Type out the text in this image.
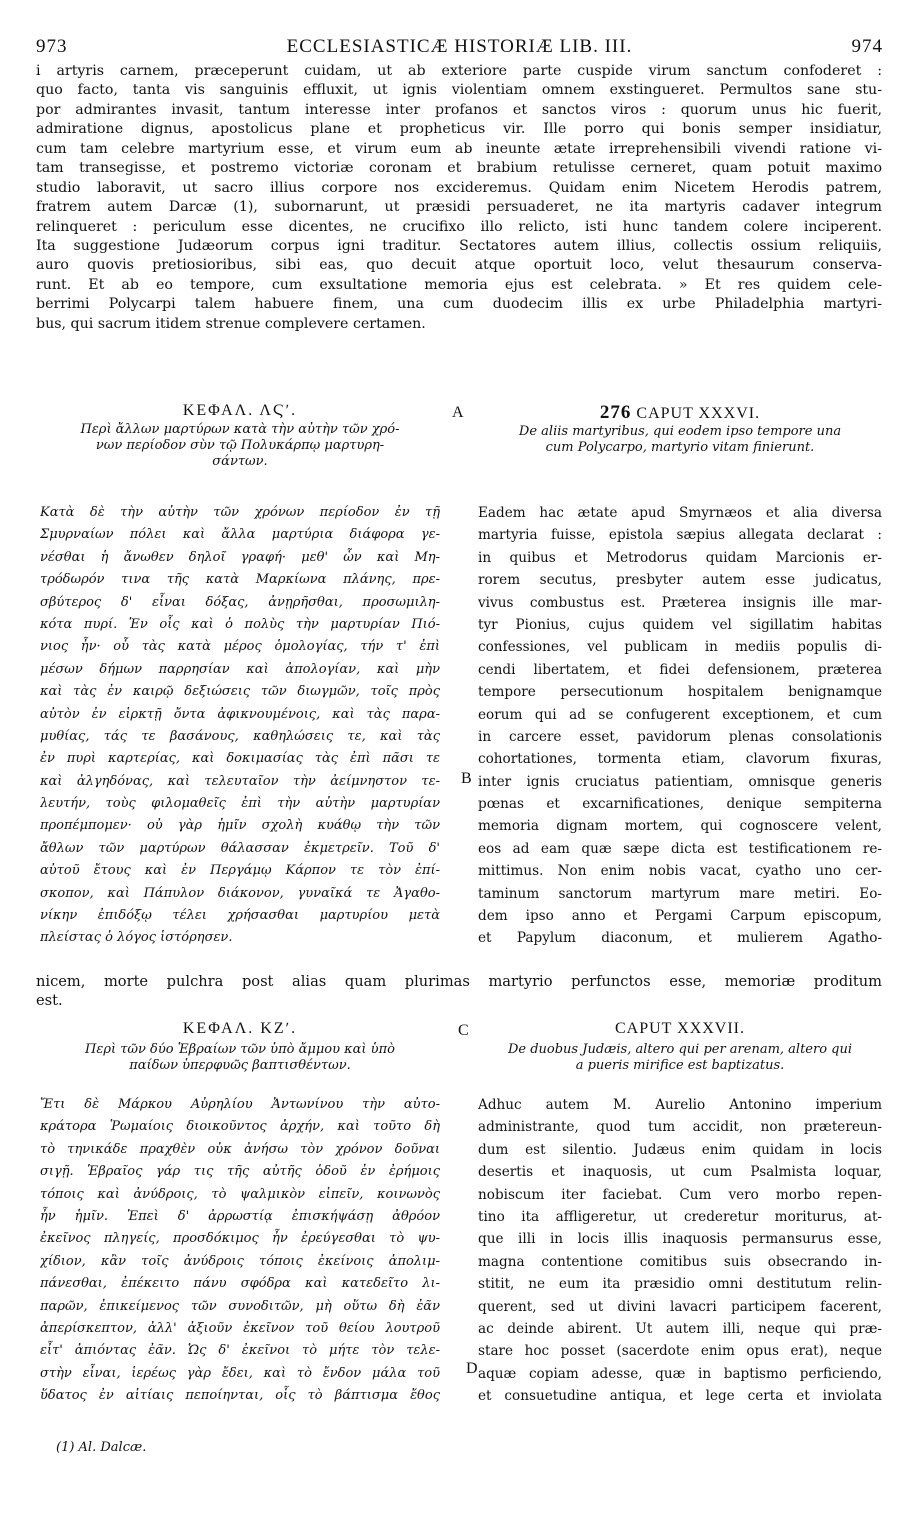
973	ECCLESIASTICÆ HISTORIÆ LIB. III.	974
i artyris carnem, præceperunt cuidam, ut ab exteriore parte cuspide virum sanctum confoderet :
quo facto, tanta vis sanguinis effluxit, ut ignis violentiam omnem exstingueret. Permultos sane stu-
por admirantes invasit, tantum interesse inter profanos et sanctos viros : quorum unus hic fuerit,
admiratione dignus, apostolicus plane et propheticus vir. Ille porro qui bonis semper insidiatur,
cum tam celebre martyrium esse, et virum eum ab ineunte ætate irreprehensibili vivendi ratione vi-
tam transegisse, et postremo victoriæ coronam et brabium retulisse cerneret, quam potuit maximo
studio laboravit, ut sacro illius corpore nos excideremus. Quidam enim Nicetem Herodis patrem,
fratrem autem Darcæ (1), subornarunt, ut præsidi persuaderet, ne ita martyris cadaver integrum
relinqueret : periculum esse dicentes, ne crucifixo illo relicto, isti hunc tandem colere inciperent.
Ita suggestione Judæorum corpus igni traditur. Sectatores autem illius, collectis ossium reliquiis,
auro quovis pretiosioribus, sibi eas, quo decuit atque oportuit loco, velut thesaurum conserva-
runt. Et ab eo tempore, cum exsultatione memoria ejus est celebrata. » Et res quidem cele-
berrimi Polycarpi talem habuere finem, una cum duodecim illis ex urbe Philadelphia martyri-
bus, qui sacrum itidem strenue complevere certamen.
ΚΕΦΑΛ. ΛϚʹ.
Περὶ ἄλλων μαρτύρων κατὰ τὴν αὐτὴν τῶν χρό-
νων περίοδον σὺν τῷ Πολυκάρπῳ μαρτυρη-
σάντων.
A	276 CAPUT XXXVI.
De aliis martyribus, qui eodem ipso tempore una
cum Polycarpo, martyrio vitam finierunt.
Κατὰ δὲ τὴν αὐτὴν τῶν χρόνων περίοδον ἐν τῇ
Σμυρναίων πόλει καὶ ἄλλα μαρτύρια διάφορα γε-
νέσθαι ἡ ἄνωθεν δηλοῖ γραφή· μεθ' ὧν καὶ Μη-
τρόδωρόν τινα τῆς κατὰ Μαρκίωνα πλάνης, πρε-
σβύτερος δ' εἶναι δόξας, ἀνῃρῆσθαι, προσωμιλη-
κότα πυρί. Ἐν οἷς καὶ ὁ πολὺς τὴν μαρτυρίαν Πιό-
νιος ἦν· οὗ τὰς κατὰ μέρος ὁμολογίας, τήν τ' ἐπὶ
μέσων δήμων παρρησίαν καὶ ἀπολογίαν, καὶ μὴν
καὶ τὰς ἐν καιρῷ δεξιώσεις τῶν διωγμῶν, τοῖς πρὸς
αὐτὸν ἐν εἱρκτῇ ὄντα ἀφικνουμένοις, καὶ τὰς παρα-
μυθίας, τάς τε βασάνους, καθηλώσεις τε, καὶ τὰς
ἐν πυρὶ καρτερίας, καὶ δοκιμασίας τὰς ἐπὶ πᾶσι τε
καὶ ἀλγηδόνας, καὶ τελευταῖον τὴν ἀείμνηστον τε-
λευτήν, τοὺς φιλομαθεῖς ἐπὶ τὴν αὐτὴν μαρτυρίαν
προπέμπομεν· οὐ γὰρ ἡμῖν σχολὴ κυάθῳ τὴν τῶν
ἄθλων τῶν μαρτύρων θάλασσαν ἐκμετρεῖν. Τοῦ δ'
αὐτοῦ ἔτους καὶ ἐν Περγάμῳ Κάρπον τε τὸν ἐπί-
σκοπον, καὶ Πάπυλον διάκονον, γυναῖκά τε Ἀγαθο-
νίκην ἐπιδόξῳ τέλει χρήσασθαι μαρτυρίου μετὰ
πλείστας ὁ λόγος ἱστόρησεν.
Eadem hac ætate apud Smyrnæos et alia diversa
martyria fuisse, epistola sæpius allegata declarat :
in quibus et Metrodorus quidam Marcionis er-
rorem secutus, presbyter autem esse judicatus,
vivus combustus est. Præterea insignis ille mar-
tyr Pionius, cujus quidem vel sigillatim habitas
confessiones, vel publicam in mediis populis di-
cendi libertatem, et fidei defensionem, præterea
tempore persecutionum hospitalem benignamque
eorum qui ad se confugerent exceptionem, et cum
in carcere esset, pavidorum plenas consolationis
cohortationes, tormenta etiam, clavorum fixuras,
inter ignis cruciatus patientiam, omnisque generis
pœnas et excarnificationes, denique sempiterna
memoria dignam mortem, qui cognoscere velent,
eos ad eam quæ sæpe dicta est testificationem re-
mittimus. Non enim nobis vacat, cyatho uno cer-
taminum sanctorum martyrum mare metiri. Eo-
dem ipso anno et Pergami Carpum episcopum,
et Papylum diaconum, et mulierem Agatho-
B
nicem, morte pulchra post alias quam plurimas martyrio perfunctos esse, memoriæ proditum
est.
ΚΕΦΑΛ. ΚΖʹ.
Περὶ τῶν δύο Ἑβραίων τῶν ὑπὸ ἄμμου καὶ ὑπὸ
παίδων ὑπερφυῶς βαπτισθέντων.
C	CAPUT XXXVII.
De duobus Judæis, altero qui per arenam, altero qui
a pueris mirifice est baptizatus.
Ἔτι δὲ Μάρκου Αὐρηλίου Ἀντωνίνου τὴν αὐτο-
κράτορα Ῥωμαίοις διοικοῦντος ἀρχήν, καὶ τοῦτο δὴ
τὸ τηνικάδε πραχθὲν οὐκ ἀνήσω τὸν χρόνον δοῦναι
σιγῇ. Ἑβραῖος γάρ τις τῆς αὐτῆς ὁδοῦ ἐν ἐρήμοις
τόποις καὶ ἀνύδροις, τὸ ψαλμικὸν εἰπεῖν, κοινωνὸς
ἦν ἡμῖν. Ἐπεὶ δ' ἀρρωστίᾳ ἐπισκήψάσῃ ἀθρόον
ἐκεῖνος πληγείς, προσδόκιμος ἦν ἐρεύγεσθαι τὸ ψυ-
χίδιον, κἂν τοῖς ἀνύδροις τόποις ἐκείνοις ἀπολιμ-
πάνεσθαι, ἐπέκειτο πάνυ σφόδρα καὶ κατεδεῖτο λι-
παρῶν, ἐπικείμενος τῶν συνοδιτῶν, μὴ οὕτω δὴ ἐᾶν
ἀπερίσκεπτον, ἀλλ' ἀξιοῦν ἐκεῖνον τοῦ θείου λουτροῦ
εἶτ' ἀπιόντας ἐᾶν. Ὡς δ' ἐκεῖνοι τὸ μήτε τὸν τελε-
στὴν εἶναι, ἱερέως γὰρ ἔδει, καὶ τὸ ἔνδον μάλα τοῦ
ὕδατος ἐν αἰτίαις πεποίηνται, οἷς τὸ βάπτισμα ἔθος
Adhuc autem M. Aurelio Antonino imperium
administrante, quod tum accidit, non prætereun-
dum est silentio. Judæus enim quidam in locis
desertis et inaquosis, ut cum Psalmista loquar,
nobiscum iter faciebat. Cum vero morbo repen-
tino ita affligeretur, ut crederetur moriturus, at-
que illi in locis illis inaquosis permansurus esse,
magna contentione comitibus suis obsecrando in-
stitit, ne eum ita præsidio omni destitutum relin-
querent, sed ut divini lavacri participem facerent,
ac deinde abirent. Ut autem illi, neque qui præ-
stare hoc posset (sacerdote enim opus erat), neque
aquæ copiam adesse, quæ in baptismo perficiendo,
et consuetudine antiqua, et lege certa et inviolata
D
(1) Al. Dalcæ.
